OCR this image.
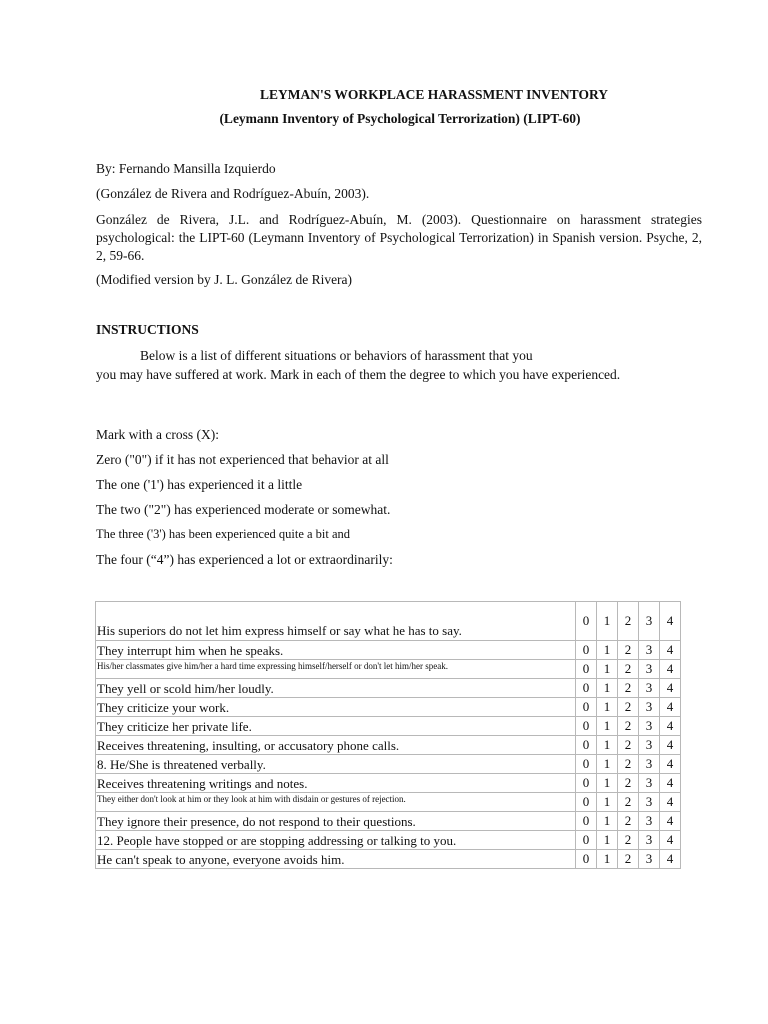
LEYMAN'S WORKPLACE HARASSMENT INVENTORY
(Leymann Inventory of Psychological Terrorization) (LIPT-60)
By: Fernando Mansilla Izquierdo
(González de Rivera and Rodríguez-Abuín, 2003).
González de Rivera, J.L. and Rodríguez-Abuín, M. (2003). Questionnaire on harassment strategies psychological: the LIPT-60 (Leymann Inventory of Psychological Terrorization) in Spanish version. Psyche, 2, 2, 59-66.
(Modified version by J. L. González de Rivera)
INSTRUCTIONS
Below is a list of different situations or behaviors of harassment that you
you may have suffered at work. Mark in each of them the degree to which you have experienced.
Mark with a cross (X):
Zero ("0") if it has not experienced that behavior at all
The one ('1') has experienced it a little
The two ("2") has experienced moderate or somewhat.
The three ('3') has been experienced quite a bit and
The four (“4”) has experienced a lot or extraordinarily:
His superiors do not let him express himself or say what he has to say.	0	1	2	3	4
They interrupt him when he speaks.	0	1	2	3	4
His/her classmates give him/her a hard time expressing himself/herself or don't let him/her speak.	0	1	2	3	4
They yell or scold him/her loudly.	0	1	2	3	4
They criticize your work.	0	1	2	3	4
They criticize her private life.	0	1	2	3	4
Receives threatening, insulting, or accusatory phone calls.	0	1	2	3	4
8. He/She is threatened verbally.	0	1	2	3	4
Receives threatening writings and notes.	0	1	2	3	4
They either don't look at him or they look at him with disdain or gestures of rejection.	0	1	2	3	4
They ignore their presence, do not respond to their questions.	0	1	2	3	4
12. People have stopped or are stopping addressing or talking to you.	0	1	2	3	4
He can't speak to anyone, everyone avoids him.	0	1	2	3	4
